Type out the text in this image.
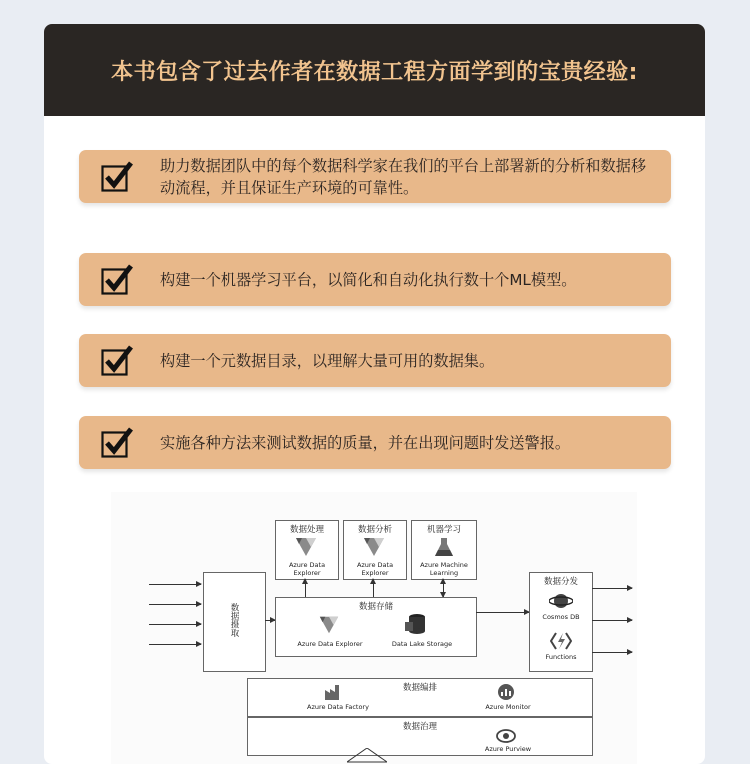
本书包含了过去作者在数据工程方面学到的宝贵经验:
助力数据团队中的每个数据科学家在我们的平台上部署新的分析和数据移动流程，并且保证生产环境的可靠性。
构建一个机器学习平台，以简化和自动化执行数十个ML模型。
构建一个元数据目录，以理解大量可用的数据集。
实施各种方法来测试数据的质量，并在出现问题时发送警报。
数据摄取
数据处理
Azure Data Explorer
数据分析
Azure Data Explorer
机器学习
Azure Machine Learning
数据存储
Azure Data Explorer	Data Lake Storage
数据分发
Cosmos DB
Functions
数据编排
Azure Data Factory	Azure Monitor
数据治理
Azure Purview
